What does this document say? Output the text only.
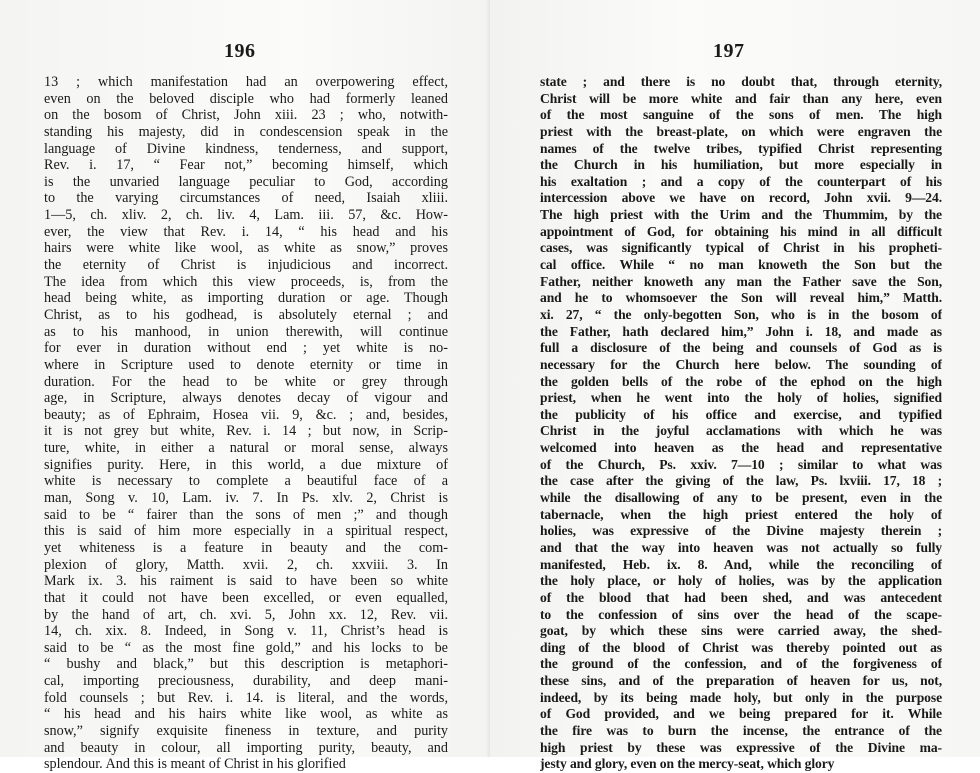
196
13 ; which manifestation had an overpowering effect,
even on the beloved disciple who had formerly leaned
on the bosom of Christ, John xiii. 23 ; who, notwith-
standing his majesty, did in condescension speak in the
language of Divine kindness, tenderness, and support,
Rev. i. 17, “ Fear not,” becoming himself, which
is the unvaried language peculiar to God, according
to the varying circumstances of need, Isaiah xliii.
1—5, ch. xliv. 2, ch. liv. 4, Lam. iii. 57, &c. How-
ever, the view that Rev. i. 14, “ his head and his
hairs were white like wool, as white as snow,” proves
the eternity of Christ is injudicious and incorrect.
The idea from which this view proceeds, is, from the
head being white, as importing duration or age. Though
Christ, as to his godhead, is absolutely eternal ; and
as to his manhood, in union therewith, will continue
for ever in duration without end ; yet white is no-
where in Scripture used to denote eternity or time in
duration. For the head to be white or grey through
age, in Scripture, always denotes decay of vigour and
beauty; as of Ephraim, Hosea vii. 9, &c. ; and, besides,
it is not grey but white, Rev. i. 14 ; but now, in Scrip-
ture, white, in either a natural or moral sense, always
signifies purity. Here, in this world, a due mixture of
white is necessary to complete a beautiful face of a
man, Song v. 10, Lam. iv. 7. In Ps. xlv. 2, Christ is
said to be “ fairer than the sons of men ;” and though
this is said of him more especially in a spiritual respect,
yet whiteness is a feature in beauty and the com-
plexion of glory, Matth. xvii. 2, ch. xxviii. 3. In
Mark ix. 3. his raiment is said to have been so white
that it could not have been excelled, or even equalled,
by the hand of art, ch. xvi. 5, John xx. 12, Rev. vii.
14, ch. xix. 8. Indeed, in Song v. 11, Christ’s head is
said to be “ as the most fine gold,” and his locks to be
“ bushy and black,” but this description is metaphori-
cal, importing preciousness, durability, and deep mani-
fold counsels ; but Rev. i. 14. is literal, and the words,
“ his head and his hairs white like wool, as white as
snow,” signify exquisite fineness in texture, and purity
and beauty in colour, all importing purity, beauty, and
splendour. And this is meant of Christ in his glorified
197
state ; and there is no doubt that, through eternity,
Christ will be more white and fair than any here, even
of the most sanguine of the sons of men. The high
priest with the breast-plate, on which were engraven the
names of the twelve tribes, typified Christ representing
the Church in his humiliation, but more especially in
his exaltation ; and a copy of the counterpart of his
intercession above we have on record, John xvii. 9—24.
The high priest with the Urim and the Thummim, by the
appointment of God, for obtaining his mind in all difficult
cases, was significantly typical of Christ in his propheti-
cal office. While “ no man knoweth the Son but the
Father, neither knoweth any man the Father save the Son,
and he to whomsoever the Son will reveal him,” Matth.
xi. 27, “ the only-begotten Son, who is in the bosom of
the Father, hath declared him,” John i. 18, and made as
full a disclosure of the being and counsels of God as is
necessary for the Church here below. The sounding of
the golden bells of the robe of the ephod on the high
priest, when he went into the holy of holies, signified
the publicity of his office and exercise, and typified
Christ in the joyful acclamations with which he was
welcomed into heaven as the head and representative
of the Church, Ps. xxiv. 7—10 ; similar to what was
the case after the giving of the law, Ps. lxviii. 17, 18 ;
while the disallowing of any to be present, even in the
tabernacle, when the high priest entered the holy of
holies, was expressive of the Divine majesty therein ;
and that the way into heaven was not actually so fully
manifested, Heb. ix. 8. And, while the reconciling of
the holy place, or holy of holies, was by the application
of the blood that had been shed, and was antecedent
to the confession of sins over the head of the scape-
goat, by which these sins were carried away, the shed-
ding of the blood of Christ was thereby pointed out as
the ground of the confession, and of the forgiveness of
these sins, and of the preparation of heaven for us, not,
indeed, by its being made holy, but only in the purpose
of God provided, and we being prepared for it. While
the fire was to burn the incense, the entrance of the
high priest by these was expressive of the Divine ma-
jesty and glory, even on the mercy-seat, which glory
